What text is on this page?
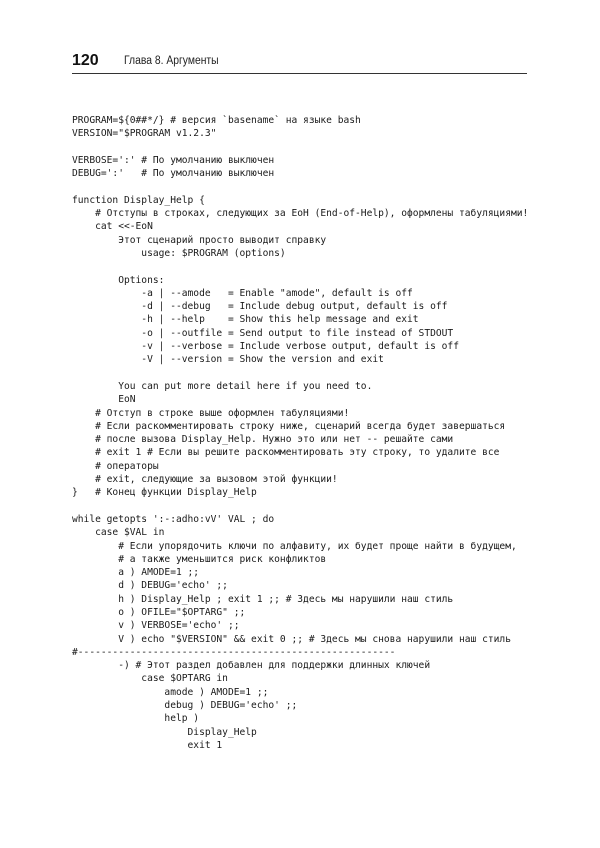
120 Глава 8. Аргументы
PROGRAM=${0##*/} # версия `basename` на языке bash
VERSION="$PROGRAM v1.2.3"
VERBOSE=':' # По умолчанию выключен
DEBUG=':'   # По умолчанию выключен
function Display_Help {
# Отступы в строках, следующих за EoH (End-of-Help), оформлены табуляциями!
cat <<-EoN
Этот сценарий просто выводит справку
usage: $PROGRAM (options)
Options:
-a | --amode   = Enable "amode", default is off
-d | --debug   = Include debug output, default is off
-h | --help    = Show this help message and exit
-o | --outfile = Send output to file instead of STDOUT
-v | --verbose = Include verbose output, default is off
-V | --version = Show the version and exit
You can put more detail here if you need to.
EoN
# Отступ в строке выше оформлен табуляциями!
# Если раскомментировать строку ниже, сценарий всегда будет завершаться
# после вызова Display_Help. Нужно это или нет -- решайте сами
# exit 1 # Если вы решите раскомментировать эту строку, то удалите все
# операторы
# exit, следующие за вызовом этой функции!
}   # Конец функции Display_Help
while getopts ':-:adho:vV' VAL ; do
case $VAL in
# Если упорядочить ключи по алфавиту, их будет проще найти в будущем,
# а также уменьшится риск конфликтов
a ) AMODE=1 ;;
d ) DEBUG='echo' ;;
h ) Display_Help ; exit 1 ;; # Здесь мы нарушили наш стиль
o ) OFILE="$OPTARG" ;;
v ) VERBOSE='echo' ;;
V ) echo "$VERSION" && exit 0 ;; # Здесь мы снова нарушили наш стиль
#-------------------------------------------------------
-) # Этот раздел добавлен для поддержки длинных ключей
case $OPTARG in
amode ) AMODE=1 ;;
debug ) DEBUG='echo' ;;
help )
Display_Help
exit 1
